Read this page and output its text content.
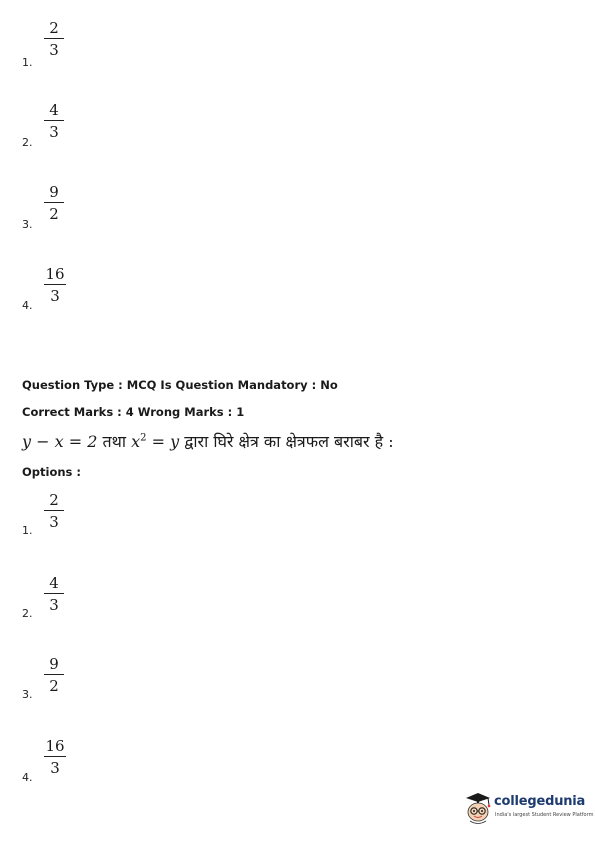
1.
2
3
2.
4
3
3.
9
2
4.
16
3
Question Type : MCQ Is Question Mandatory : No
Correct Marks : 4 Wrong Marks : 1
y − x = 2 तथा $x^2 = y$ द्वारा घिरे क्षेत्र का क्षेत्रफल बराबर है :
Options :
1.
2
3
2.
4
3
3.
9
2
4.
16
3
collegedunia
India's largest Student Review Platform
